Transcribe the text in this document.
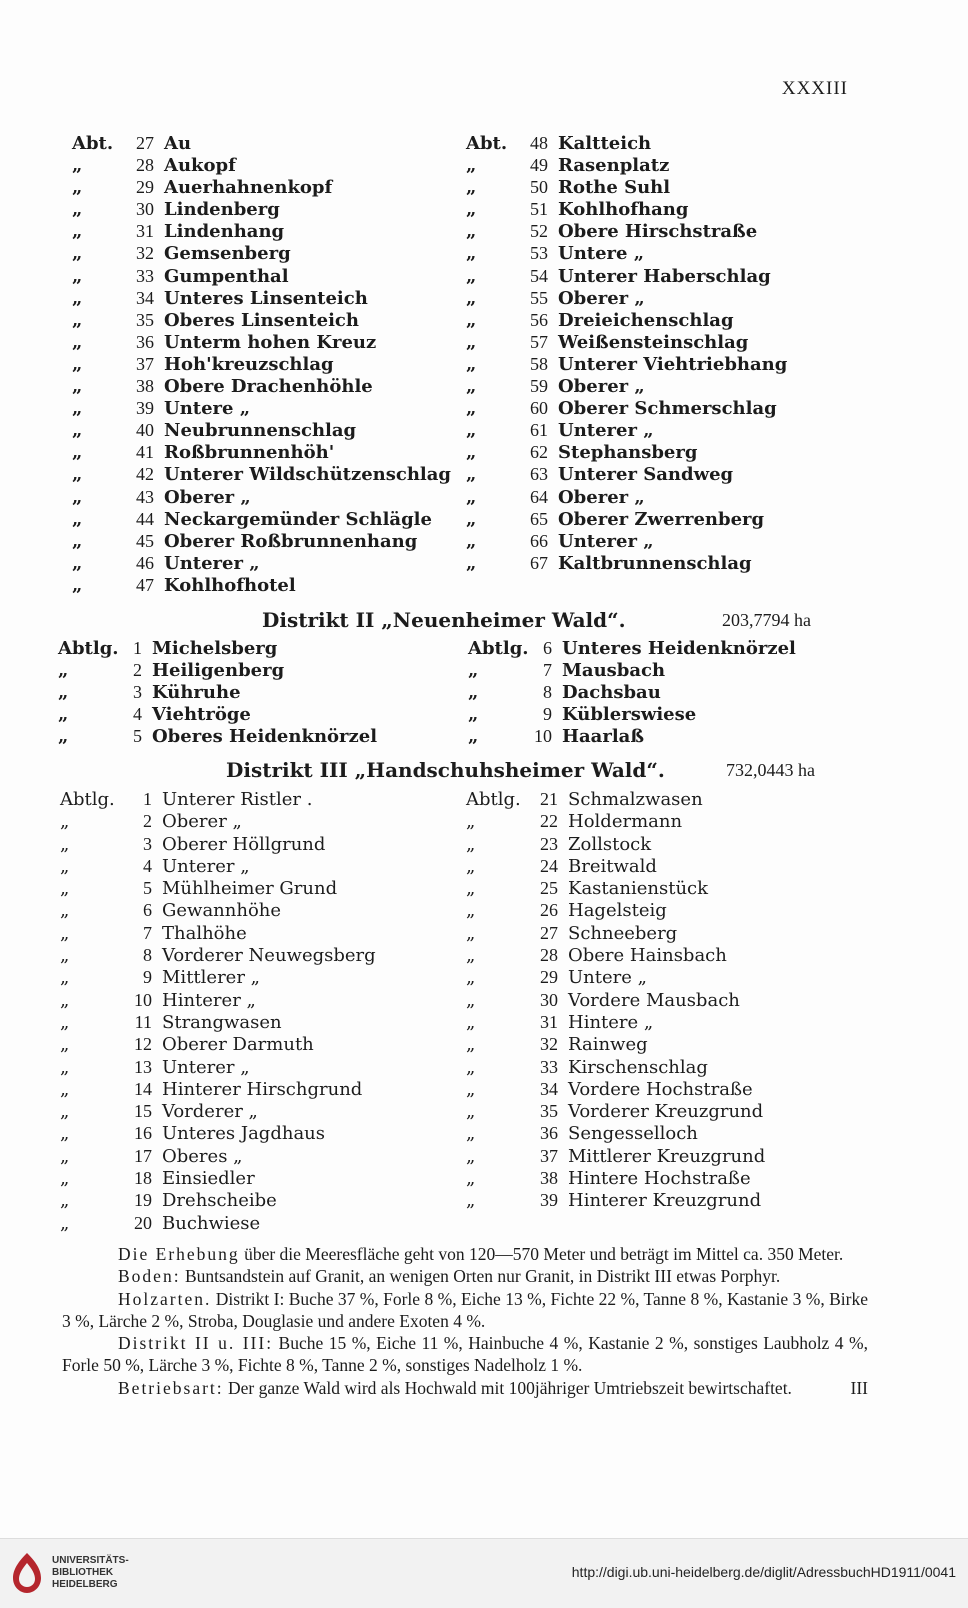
XXXIII
Abt. 27 Au
„	28 Aukopf
„	29 Auerhahnenkopf
„	30 Lindenberg
„	31 Lindenhang
„	32 Gemsenberg
„	33 Gumpenthal
„	34 Unteres Linsenteich
„	35 Oberes Linsenteich
„	36 Unterm hohen Kreuz
„	37 Hoh'kreuzschlag
„	38 Obere Drachenhöhle
„	39 Untere „
„	40 Neubrunnenschlag
„	41 Roßbrunnenhöh'
„	42 Unterer Wildschützenschlag
„	43 Oberer „
„	44 Neckargemünder Schlägle
„	45 Oberer Roßbrunnenhang
„	46 Unterer „
„	47 Kohlhofhotel
Abt. 48 Kaltteich
„	49 Rasenplatz
„	50 Rothe Suhl
„	51 Kohlhofhang
„	52 Obere Hirschstraße
„	53 Untere „
„	54 Unterer Haberschlag
„	55 Oberer „
„	56 Dreieichenschlag
„	57 Weißensteinschlag
„	58 Unterer Viehtriebhang
„	59 Oberer „
„	60 Oberer Schmerschlag
„	61 Unterer „
„	62 Stephansberg
„	63 Unterer Sandweg
„	64 Oberer „
„	65 Oberer Zwerrenberg
„	66 Unterer „
„	67 Kaltbrunnenschlag
Distrikt II „Neuenheimer Wald“.	203,7794 ha
Abtlg. 1 Michelsberg
„	2 Heiligenberg
„	3 Kühruhe
„	4 Viehtröge
„	5 Oberes Heidenknörzel
Abtlg. 6 Unteres Heidenknörzel
„	7 Mausbach
„	8 Dachsbau
„	9 Küblerswiese
„	10 Haarlaß
Distrikt III „Handschuhsheimer Wald“.	732,0443 ha
Abtlg. 1 Unterer Ristler .
„	2 Oberer „
„	3 Oberer Höllgrund
„	4 Unterer „
„	5 Mühlheimer Grund
„	6 Gewannhöhe
„	7 Thalhöhe
„	8 Vorderer Neuwegsberg
„	9 Mittlerer „
„	10 Hinterer „
„	11 Strangwasen
„	12 Oberer Darmuth
„	13 Unterer „
„	14 Hinterer Hirschgrund
„	15 Vorderer „
„	16 Unteres Jagdhaus
„	17 Oberes „
„	18 Einsiedler
„	19 Drehscheibe
„	20 Buchwiese
Abtlg. 21 Schmalzwasen
„	22 Holdermann
„	23 Zollstock
„	24 Breitwald
„	25 Kastanienstück
„	26 Hagelsteig
„	27 Schneeberg
„	28 Obere Hainsbach
„	29 Untere „
„	30 Vordere Mausbach
„	31 Hintere „
„	32 Rainweg
„	33 Kirschenschlag
„	34 Vordere Hochstraße
„	35 Vorderer Kreuzgrund
„	36 Sengesselloch
„	37 Mittlerer Kreuzgrund
„	38 Hintere Hochstraße
„	39 Hinterer Kreuzgrund

Die Erhebung über die Meeresfläche geht von 120—570 Meter und beträgt im Mittel ca. 350 Meter.

Boden: Buntsandstein auf Granit, an wenigen Orten nur Granit, in Distrikt III etwas Porphyr.

Holzarten. Distrikt I: Buche 37 %, Forle 8 %, Eiche 13 %, Fichte 22 %, Tanne 8 %, Kastanie 3 %, Birke 3 %, Lärche 2 %, Stroba, Douglasie und andere Exoten 4 %.

Distrikt II u. III: Buche 15 %, Eiche 11 %, Hainbuche 4 %, Kastanie 2 %, sonstiges Laubholz 4 %, Forle 50 %, Lärche 3 %, Fichte 8 %, Tanne 2 %, sonstiges Nadelholz 1 %.

Betriebsart: Der ganze Wald wird als Hochwald mit 100jähriger Umtriebszeit bewirtschaftet.	III

UNIVERSITÄTS-
BIBLIOTHEK
HEIDELBERG
http://digi.ub.uni-heidelberg.de/diglit/AdressbuchHD1911/0041
